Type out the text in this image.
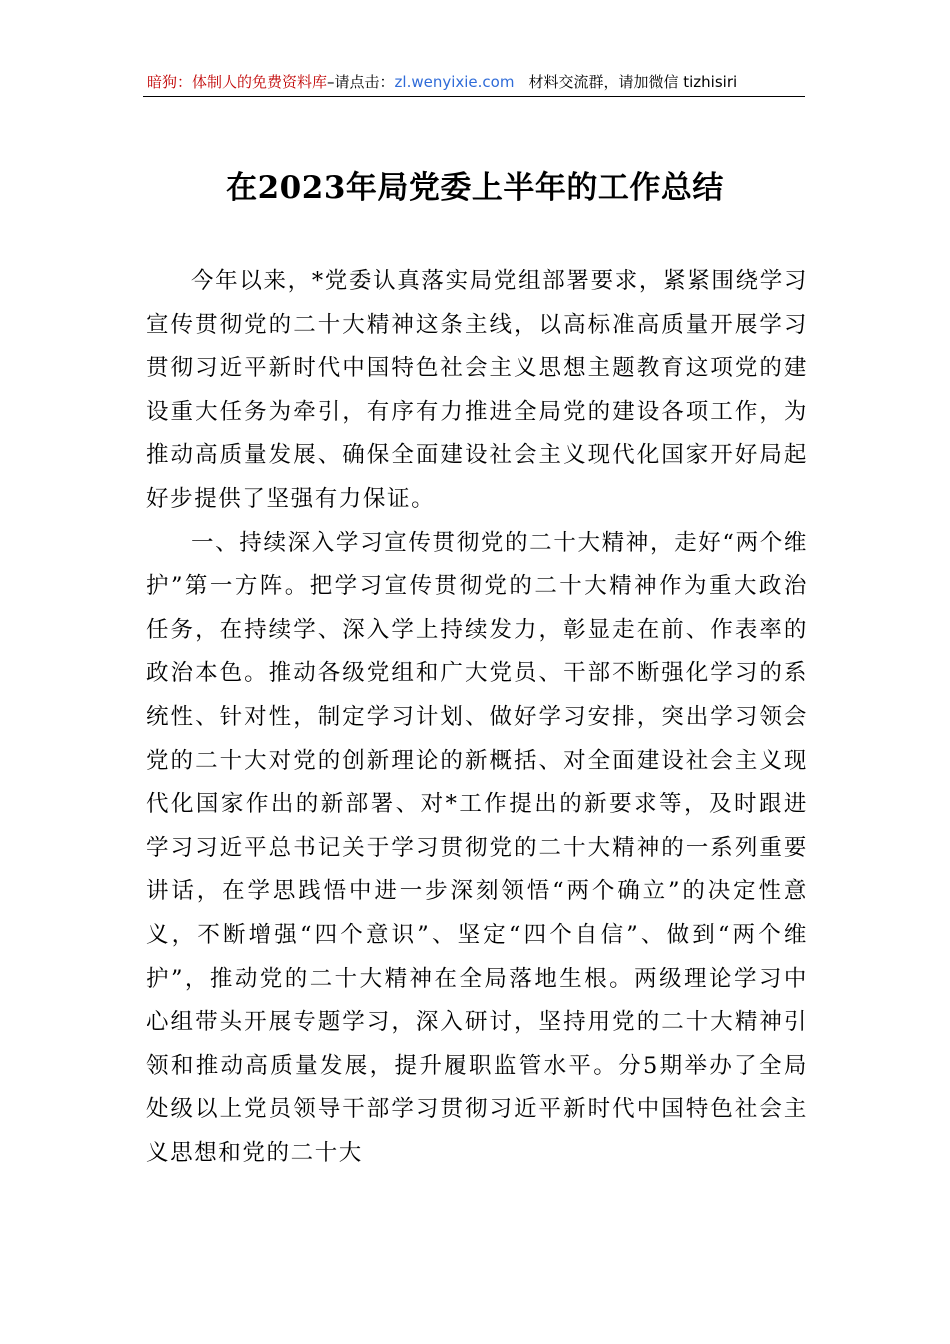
暗狗：体制人的免费资料库–请点击：zl.wenyixie.com 材料交流群，请加微信 tizhisiri
在2023年局党委上半年的工作总结

今年以来，*党委认真落实局党组部署要求，紧紧围绕学习宣传贯彻党的二十大精神这条主线，以高标准高质量开展学习贯彻习近平新时代中国特色社会主义思想主题教育这项党的建设重大任务为牵引，有序有力推进全局党的建设各项工作，为推动高质量发展、确保全面建设社会主义现代化国家开好局起好步提供了坚强有力保证。

一、持续深入学习宣传贯彻党的二十大精神，走好“两个维护”第一方阵。把学习宣传贯彻党的二十大精神作为重大政治任务，在持续学、深入学上持续发力，彰显走在前、作表率的政治本色。推动各级党组和广大党员、干部不断强化学习的系统性、针对性，制定学习计划、做好学习安排，突出学习领会党的二十大对党的创新理论的新概括、对全面建设社会主义现代化国家作出的新部署、对*工作提出的新要求等，及时跟进学习习近平总书记关于学习贯彻党的二十大精神的一系列重要讲话，在学思践悟中进一步深刻领悟“两个确立”的决定性意义，不断增强“四个意识”、坚定“四个自信”、做到“两个维护”，推动党的二十大精神在全局落地生根。两级理论学习中心组带头开展专题学习，深入研讨，坚持用党的二十大精神引领和推动高质量发展，提升履职监管水平。分5期举办了全局处级以上党员领导干部学习贯彻习近平新时代中国特色社会主义思想和党的二十大
